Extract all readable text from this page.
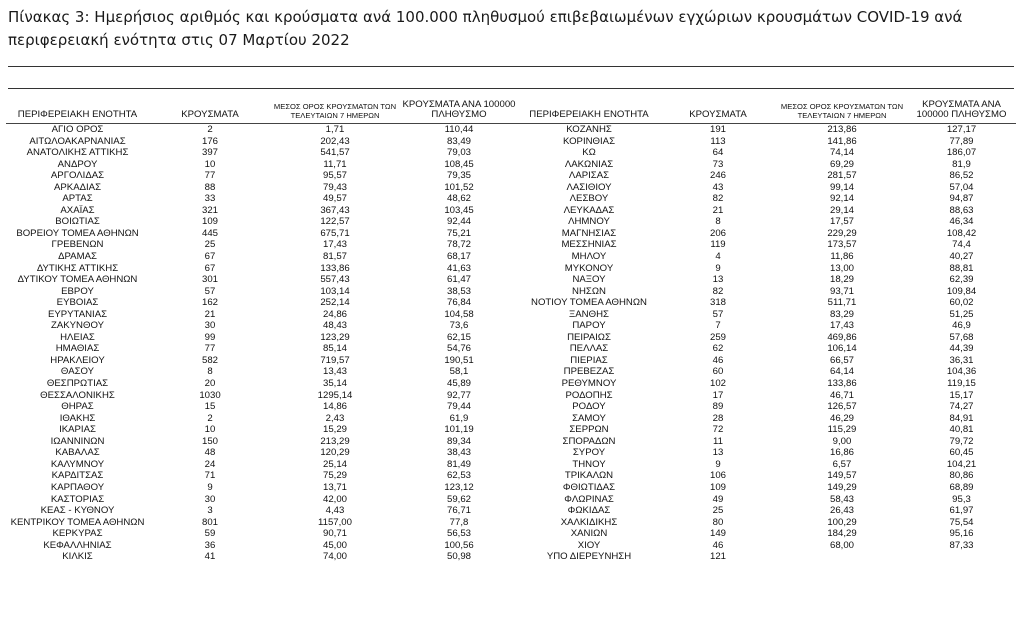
Πίνακας 3: Ημερήσιος αριθμός και κρούσματα ανά 100.000 πληθυσμού επιβεβαιωμένων εγχώριων κρουσμάτων COVID-19 ανά περιφερειακή ενότητα στις 07 Μαρτίου 2022
ΠΕΡΙΦΕΡΕΙΑΚΗ ΕΝΟΤΗΤΑ	ΚΡΟΥΣΜΑΤΑ	ΜΕΣΟΣ ΟΡΟΣ ΚΡΟΥΣΜΑΤΩΝ ΤΩΝ ΤΕΛΕΥΤΑΙΩΝ 7 ΗΜΕΡΩΝ	ΚΡΟΥΣΜΑΤΑ ΑΝΑ 100000 ΠΛΗΘΥΣΜΟ	ΠΕΡΙΦΕΡΕΙΑΚΗ ΕΝΟΤΗΤΑ	ΚΡΟΥΣΜΑΤΑ	ΜΕΣΟΣ ΟΡΟΣ ΚΡΟΥΣΜΑΤΩΝ ΤΩΝ ΤΕΛΕΥΤΑΙΩΝ 7 ΗΜΕΡΩΝ	ΚΡΟΥΣΜΑΤΑ ΑΝΑ 100000 ΠΛΗΘΥΣΜΟ
ΑΓΙΟ ΟΡΟΣ	2	1,71	110,44	ΚΟΖΑΝΗΣ	191	213,86	127,17
ΑΙΤΩΛΟΑΚΑΡΝΑΝΙΑΣ	176	202,43	83,49	ΚΟΡΙΝΘΙΑΣ	113	141,86	77,89
ΑΝΑΤΟΛΙΚΗΣ ΑΤΤΙΚΗΣ	397	541,57	79,03	ΚΩ	64	74,14	186,07
ΑΝΔΡΟΥ	10	11,71	108,45	ΛΑΚΩΝΙΑΣ	73	69,29	81,9
ΑΡΓΟΛΙΔΑΣ	77	95,57	79,35	ΛΑΡΙΣΑΣ	246	281,57	86,52
ΑΡΚΑΔΙΑΣ	88	79,43	101,52	ΛΑΣΙΘΙΟΥ	43	99,14	57,04
ΑΡΤΑΣ	33	49,57	48,62	ΛΕΣΒΟΥ	82	92,14	94,87
ΑΧΑΪΑΣ	321	367,43	103,45	ΛΕΥΚΑΔΑΣ	21	29,14	88,63
ΒΟΙΩΤΙΑΣ	109	122,57	92,44	ΛΗΜΝΟΥ	8	17,57	46,34
ΒΟΡΕΙΟΥ ΤΟΜΕΑ ΑΘΗΝΩΝ	445	675,71	75,21	ΜΑΓΝΗΣΙΑΣ	206	229,29	108,42
ΓΡΕΒΕΝΩΝ	25	17,43	78,72	ΜΕΣΣΗΝΙΑΣ	119	173,57	74,4
ΔΡΑΜΑΣ	67	81,57	68,17	ΜΗΛΟΥ	4	11,86	40,27
ΔΥΤΙΚΗΣ ΑΤΤΙΚΗΣ	67	133,86	41,63	ΜΥΚΟΝΟΥ	9	13,00	88,81
ΔΥΤΙΚΟΥ ΤΟΜΕΑ ΑΘΗΝΩΝ	301	557,43	61,47	ΝΑΞΟΥ	13	18,29	62,39
ΕΒΡΟΥ	57	103,14	38,53	ΝΗΣΩΝ	82	93,71	109,84
ΕΥΒΟΙΑΣ	162	252,14	76,84	ΝΟΤΙΟΥ ΤΟΜΕΑ ΑΘΗΝΩΝ	318	511,71	60,02
ΕΥΡΥΤΑΝΙΑΣ	21	24,86	104,58	ΞΑΝΘΗΣ	57	83,29	51,25
ΖΑΚΥΝΘΟΥ	30	48,43	73,6	ΠΑΡΟΥ	7	17,43	46,9
ΗΛΕΙΑΣ	99	123,29	62,15	ΠΕΙΡΑΙΩΣ	259	469,86	57,68
ΗΜΑΘΙΑΣ	77	85,14	54,76	ΠΕΛΛΑΣ	62	106,14	44,39
ΗΡΑΚΛΕΙΟΥ	582	719,57	190,51	ΠΙΕΡΙΑΣ	46	66,57	36,31
ΘΑΣΟΥ	8	13,43	58,1	ΠΡΕΒΕΖΑΣ	60	64,14	104,36
ΘΕΣΠΡΩΤΙΑΣ	20	35,14	45,89	ΡΕΘΥΜΝΟΥ	102	133,86	119,15
ΘΕΣΣΑΛΟΝΙΚΗΣ	1030	1295,14	92,77	ΡΟΔΟΠΗΣ	17	46,71	15,17
ΘΗΡΑΣ	15	14,86	79,44	ΡΟΔΟΥ	89	126,57	74,27
ΙΘΑΚΗΣ	2	2,43	61,9	ΣΑΜΟΥ	28	46,29	84,91
ΙΚΑΡΙΑΣ	10	15,29	101,19	ΣΕΡΡΩΝ	72	115,29	40,81
ΙΩΑΝΝΙΝΩΝ	150	213,29	89,34	ΣΠΟΡΑΔΩΝ	11	9,00	79,72
ΚΑΒΑΛΑΣ	48	120,29	38,43	ΣΥΡΟΥ	13	16,86	60,45
ΚΑΛΥΜΝΟΥ	24	25,14	81,49	ΤΗΝΟΥ	9	6,57	104,21
ΚΑΡΔΙΤΣΑΣ	71	75,29	62,53	ΤΡΙΚΑΛΩΝ	106	149,57	80,86
ΚΑΡΠΑΘΟΥ	9	13,71	123,12	ΦΘΙΩΤΙΔΑΣ	109	149,29	68,89
ΚΑΣΤΟΡΙΑΣ	30	42,00	59,62	ΦΛΩΡΙΝΑΣ	49	58,43	95,3
ΚΕΑΣ - ΚΥΘΝΟΥ	3	4,43	76,71	ΦΩΚΙΔΑΣ	25	26,43	61,97
ΚΕΝΤΡΙΚΟΥ ΤΟΜΕΑ ΑΘΗΝΩΝ	801	1157,00	77,8	ΧΑΛΚΙΔΙΚΗΣ	80	100,29	75,54
ΚΕΡΚΥΡΑΣ	59	90,71	56,53	ΧΑΝΙΩΝ	149	184,29	95,16
ΚΕΦΑΛΛΗΝΙΑΣ	36	45,00	100,56	ΧΙΟΥ	46	68,00	87,33
ΚΙΛΚΙΣ	41	74,00	50,98	ΥΠΟ ΔΙΕΡΕΥΝΗΣΗ	121		
